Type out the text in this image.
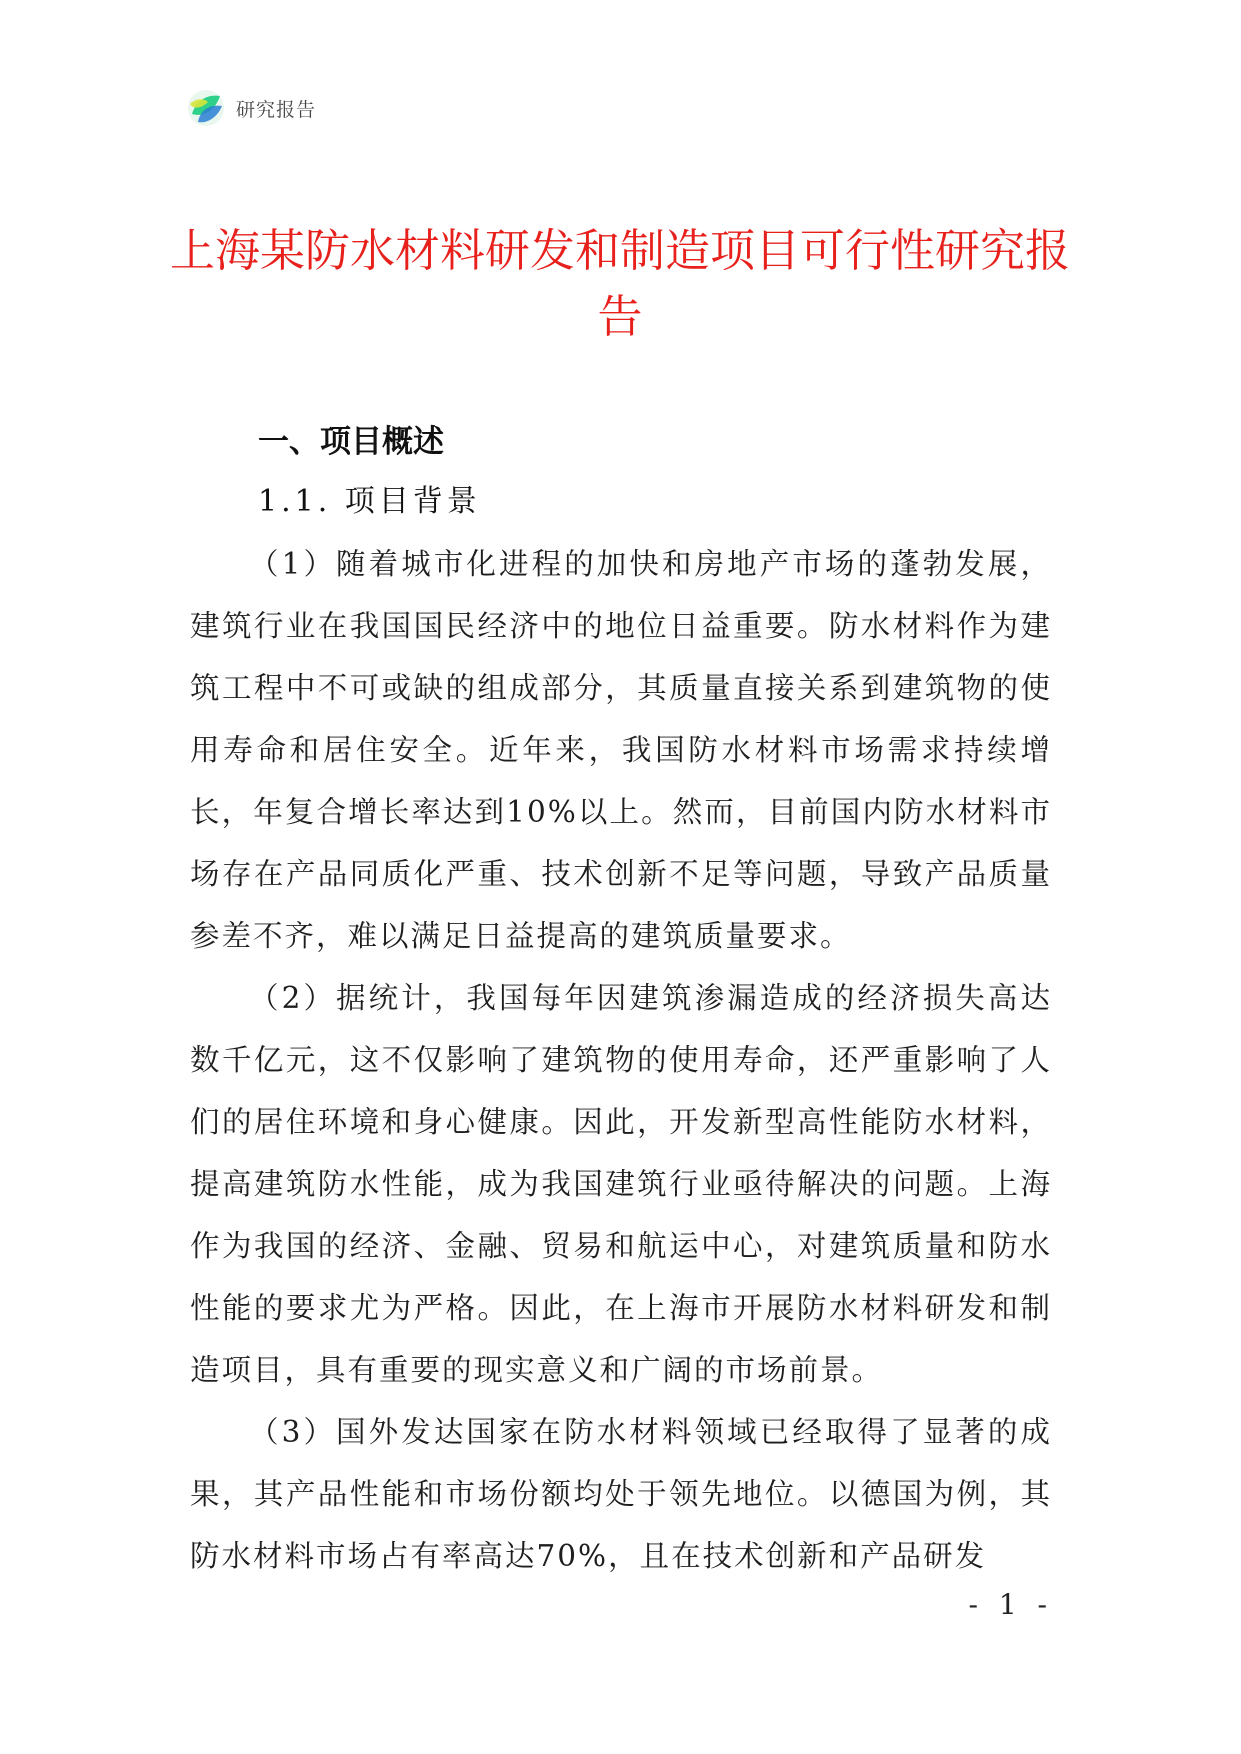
研究报告
上海某防水材料研发和制造项目可行性研究报告
一、项目概述
1.1. 项目背景

（1）随着城市化进程的加快和房地产市场的蓬勃发展，建筑行业在我国国民经济中的地位日益重要。防水材料作为建筑工程中不可或缺的组成部分，其质量直接关系到建筑物的使用寿命和居住安全。近年来，我国防水材料市场需求持续增长，年复合增长率达到10%以上。然而，目前国内防水材料市场存在产品同质化严重、技术创新不足等问题，导致产品质量参差不齐，难以满足日益提高的建筑质量要求。

（2）据统计，我国每年因建筑渗漏造成的经济损失高达数千亿元，这不仅影响了建筑物的使用寿命，还严重影响了人们的居住环境和身心健康。因此，开发新型高性能防水材料，提高建筑防水性能，成为我国建筑行业亟待解决的问题。上海作为我国的经济、金融、贸易和航运中心，对建筑质量和防水性能的要求尤为严格。因此，在上海市开展防水材料研发和制造项目，具有重要的现实意义和广阔的市场前景。

（3）国外发达国家在防水材料领域已经取得了显著的成果，其产品性能和市场份额均处于领先地位。以德国为例，其防水材料市场占有率高达70%，且在技术创新和产品研发

- 1 -
